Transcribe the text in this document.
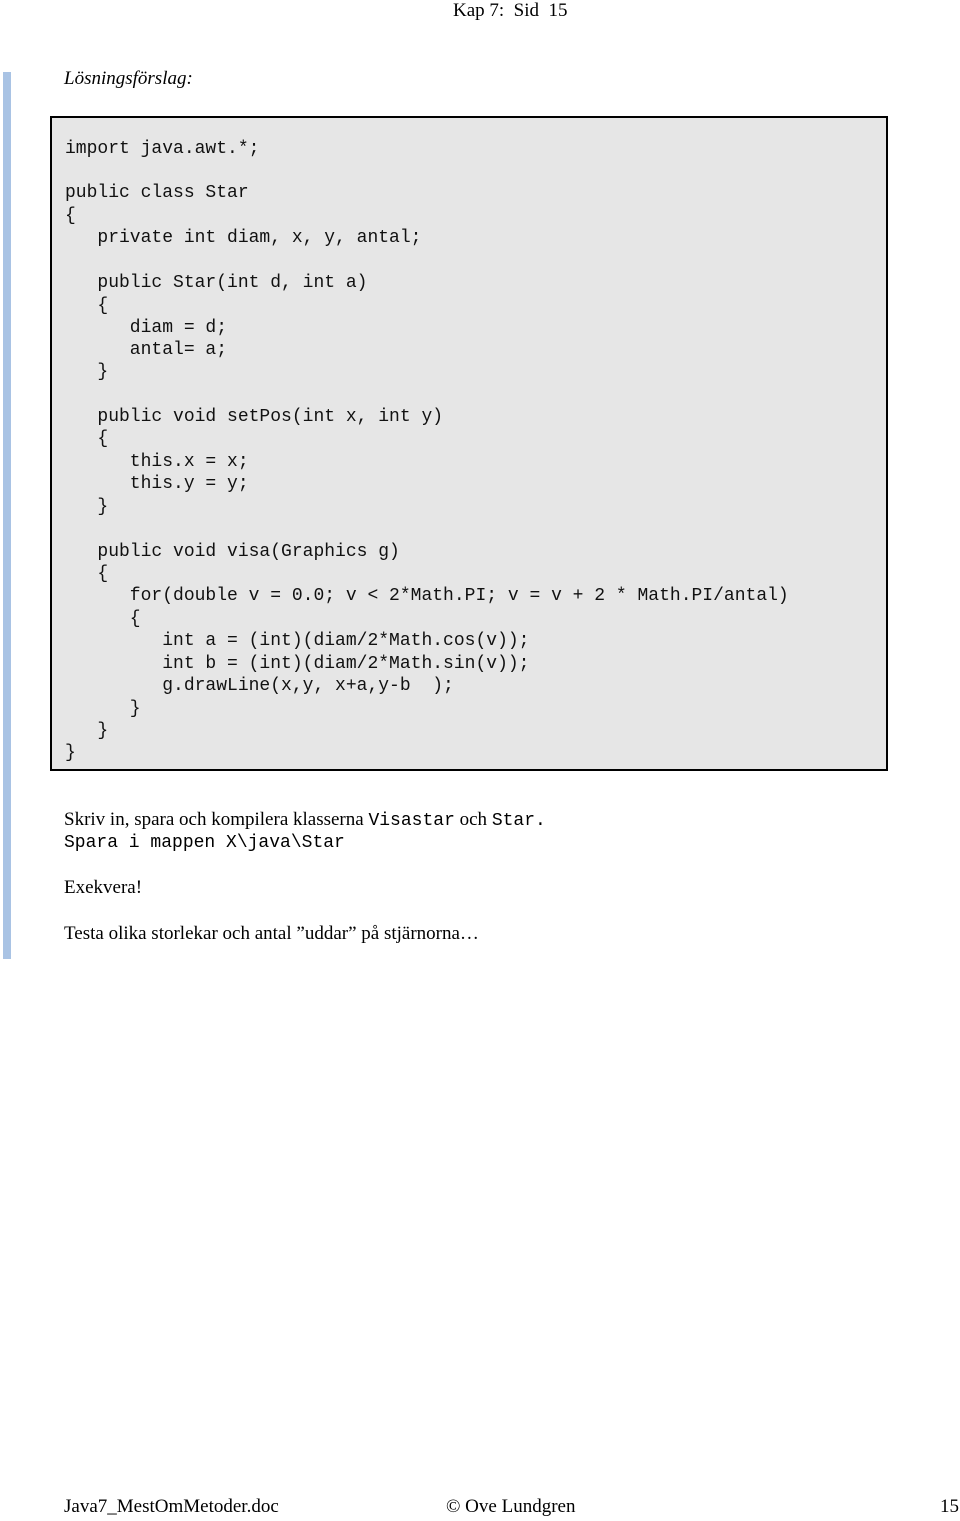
Kap 7:  Sid  15
Lösningsförslag:
import java.awt.*;
public class Star
{
private int diam, x, y, antal;
public Star(int d, int a)
{
diam = d;
antal= a;
}
public void setPos(int x, int y)
{
this.x = x;
this.y = y;
}
public void visa(Graphics g)
{
for(double v = 0.0; v < 2*Math.PI; v = v + 2 * Math.PI/antal)
{
int a = (int)(diam/2*Math.cos(v));
int b = (int)(diam/2*Math.sin(v));
g.drawLine(x,y, x+a,y-b  );
}
}
}
Skriv in, spara och kompilera klasserna Visastar och Star.
Spara i mappen X\java\Star
Exekvera!
Testa olika storlekar och antal ”uddar” på stjärnorna…
Java7_MestOmMetoder.doc	© Ove Lundgren	15
